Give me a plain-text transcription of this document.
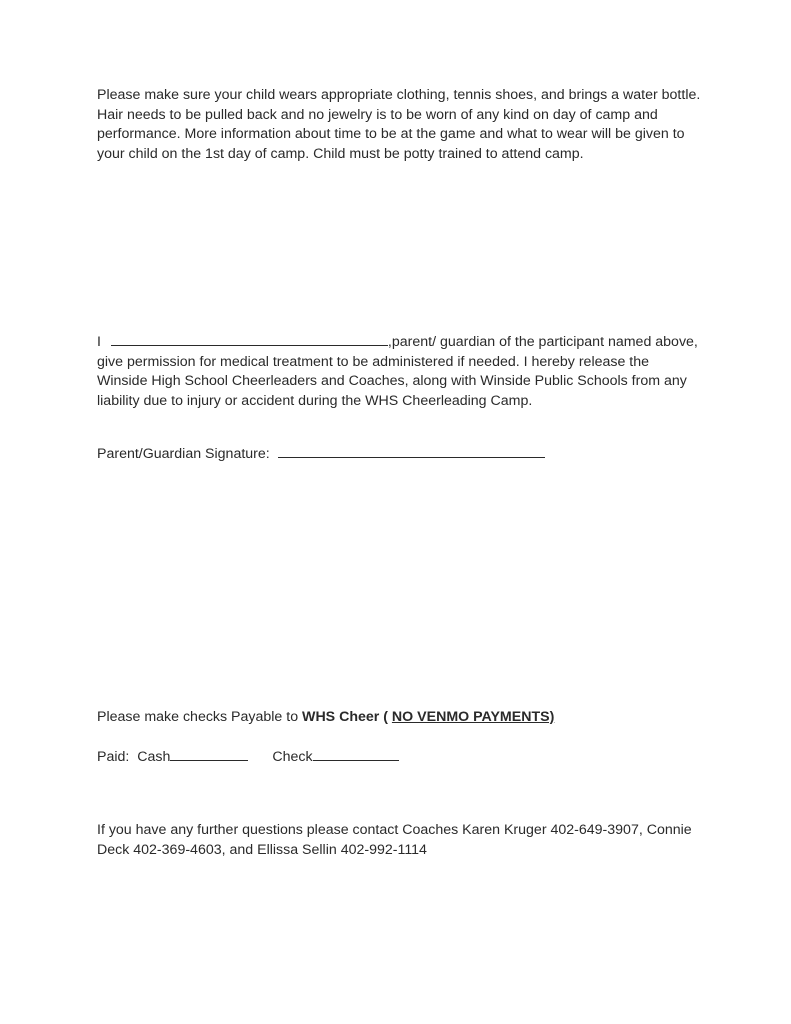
Please make sure your child wears appropriate clothing, tennis shoes, and brings a water bottle.
Hair needs to be pulled back and no jewelry is to be worn of any kind on day of camp and
performance. More information about time to be at the game and what to wear will be given to
your child on the 1st day of camp. Child must be potty trained to attend camp.
I	,parent/ guardian of the participant named above,
give permission for medical treatment to be administered if needed. I hereby release the
Winside High School Cheerleaders and Coaches, along with Winside Public Schools from any
liability due to injury or accident during the WHS Cheerleading Camp.
Parent/Guardian Signature:
Please make checks Payable to WHS Cheer ( NO VENMO PAYMENTS)
Paid: Cash	Check
If you have any further questions please contact Coaches Karen Kruger 402-649-3907, Connie
Deck 402-369-4603, and Ellissa Sellin 402-992-1114
